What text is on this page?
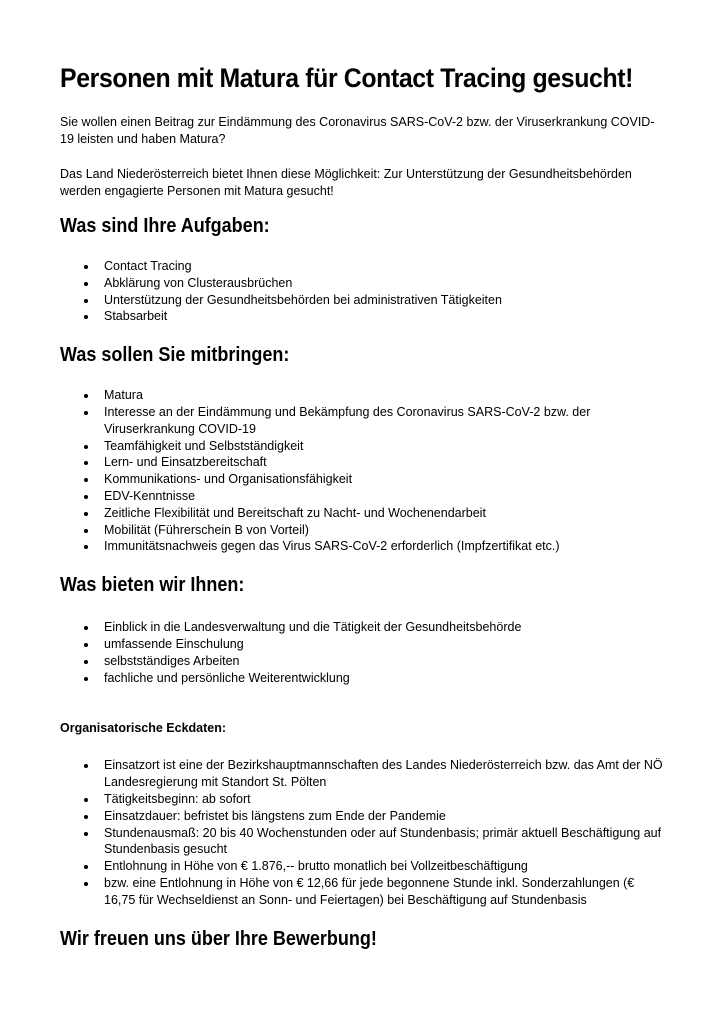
Personen mit Matura für Contact Tracing gesucht!

Sie wollen einen Beitrag zur Eindämmung des Coronavirus SARS-CoV-2 bzw. der Viruserkrankung COVID-19 leisten und haben Matura?

Das Land Niederösterreich bietet Ihnen diese Möglichkeit: Zur Unterstützung der Gesundheitsbehörden werden engagierte Personen mit Matura gesucht!

Was sind Ihre Aufgaben:
Contact Tracing
Abklärung von Clusterausbrüchen
Unterstützung der Gesundheitsbehörden bei administrativen Tätigkeiten
Stabsarbeit
Was sollen Sie mitbringen:
Matura
Interesse an der Eindämmung und Bekämpfung des Coronavirus SARS-CoV-2 bzw. der Viruserkrankung COVID-19
Teamfähigkeit und Selbstständigkeit
Lern- und Einsatzbereitschaft
Kommunikations- und Organisationsfähigkeit
EDV-Kenntnisse
Zeitliche Flexibilität und Bereitschaft zu Nacht- und Wochenendarbeit
Mobilität (Führerschein B von Vorteil)
Immunitätsnachweis gegen das Virus SARS-CoV-2 erforderlich (Impfzertifikat etc.)
Was bieten wir Ihnen:
Einblick in die Landesverwaltung und die Tätigkeit der Gesundheitsbehörde
umfassende Einschulung
selbstständiges Arbeiten
fachliche und persönliche Weiterentwicklung

Organisatorische Eckdaten:

Einsatzort ist eine der Bezirkshauptmannschaften des Landes Niederösterreich bzw. das Amt der NÖ Landesregierung mit Standort St. Pölten
Tätigkeitsbeginn: ab sofort
Einsatzdauer: befristet bis längstens zum Ende der Pandemie
Stundenausmaß: 20 bis 40 Wochenstunden oder auf Stundenbasis; primär aktuell Beschäftigung auf Stundenbasis gesucht
Entlohnung in Höhe von € 1.876,-- brutto monatlich bei Vollzeitbeschäftigung
bzw. eine Entlohnung in Höhe von € 12,66 für jede begonnene Stunde inkl. Sonderzahlungen (€ 16,75 für Wechseldienst an Sonn- und Feiertagen) bei Beschäftigung auf Stundenbasis
Wir freuen uns über Ihre Bewerbung!
